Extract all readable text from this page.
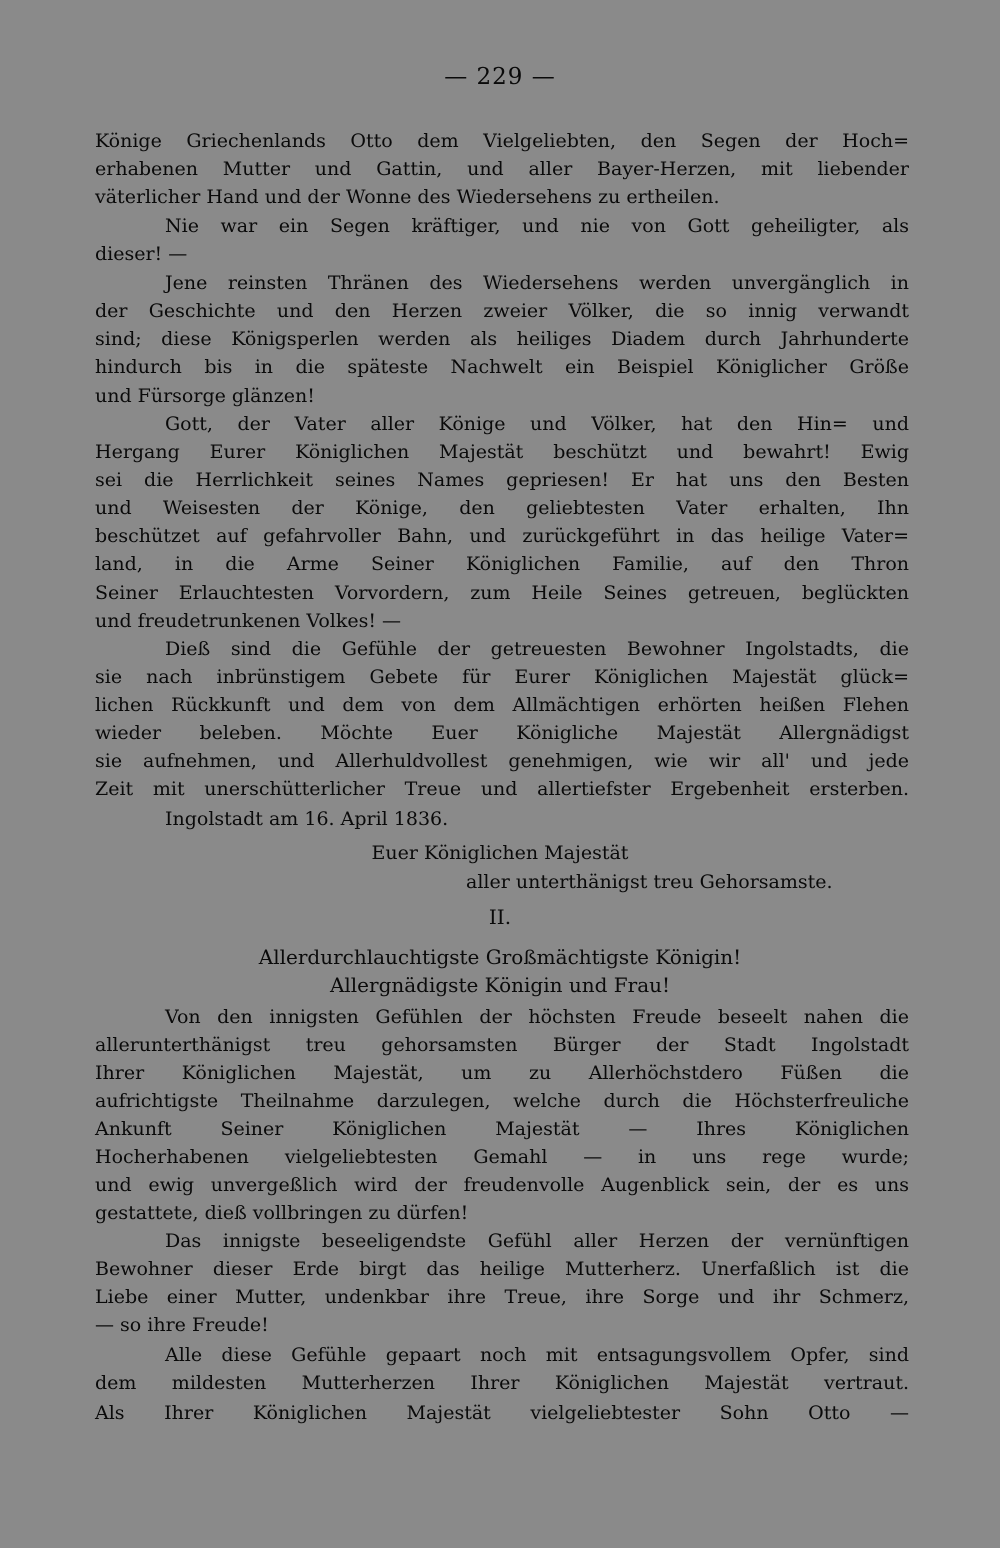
— 229 —
Könige Griechenlands Otto dem Vielgeliebten, den Segen der Hoch=
erhabenen Mutter und Gattin, und aller Bayer-Herzen, mit liebender
väterlicher Hand und der Wonne des Wiedersehens zu ertheilen.
Nie war ein Segen kräftiger, und nie von Gott geheiligter, als
dieser! —
Jene reinsten Thränen des Wiedersehens werden unvergänglich in
der Geschichte und den Herzen zweier Völker, die so innig verwandt
sind; diese Königsperlen werden als heiliges Diadem durch Jahrhunderte
hindurch bis in die späteste Nachwelt ein Beispiel Königlicher Größe
und Fürsorge glänzen!
Gott, der Vater aller Könige und Völker, hat den Hin= und
Hergang Eurer Königlichen Majestät beschützt und bewahrt! Ewig
sei die Herrlichkeit seines Names gepriesen! Er hat uns den Besten
und Weisesten der Könige, den geliebtesten Vater erhalten, Ihn
beschützet auf gefahrvoller Bahn, und zurückgeführt in das heilige Vater=
land, in die Arme Seiner Königlichen Familie, auf den Thron
Seiner Erlauchtesten Vorvordern, zum Heile Seines getreuen, beglückten
und freudetrunkenen Volkes! —
Dieß sind die Gefühle der getreuesten Bewohner Ingolstadts, die
sie nach inbrünstigem Gebete für Eurer Königlichen Majestät glück=
lichen Rückkunft und dem von dem Allmächtigen erhörten heißen Flehen
wieder beleben. Möchte Euer Königliche Majestät Allergnädigst
sie aufnehmen, und Allerhuldvollest genehmigen, wie wir all' und jede
Zeit mit unerschütterlicher Treue und allertiefster Ergebenheit ersterben.
Ingolstadt am 16. April 1836.
Euer Königlichen Majestät
aller unterthänigst treu Gehorsamste.
II.
Allerdurchlauchtigste Großmächtigste Königin!
Allergnädigste Königin und Frau!
Von den innigsten Gefühlen der höchsten Freude beseelt nahen die
allerunterthänigst treu gehorsamsten Bürger der Stadt Ingolstadt
Ihrer Königlichen Majestät, um zu Allerhöchstdero Füßen die
aufrichtigste Theilnahme darzulegen, welche durch die Höchsterfreuliche
Ankunft Seiner Königlichen Majestät — Ihres Königlichen
Hocherhabenen vielgeliebtesten Gemahl — in uns rege wurde;
und ewig unvergeßlich wird der freudenvolle Augenblick sein, der es uns
gestattete, dieß vollbringen zu dürfen!
Das innigste beseeligendste Gefühl aller Herzen der vernünftigen
Bewohner dieser Erde birgt das heilige Mutterherz. Unerfaßlich ist die
Liebe einer Mutter, undenkbar ihre Treue, ihre Sorge und ihr Schmerz,
— so ihre Freude!
Alle diese Gefühle gepaart noch mit entsagungsvollem Opfer, sind
dem mildesten Mutterherzen Ihrer Königlichen Majestät vertraut.
Als Ihrer Königlichen Majestät vielgeliebtester Sohn Otto —
